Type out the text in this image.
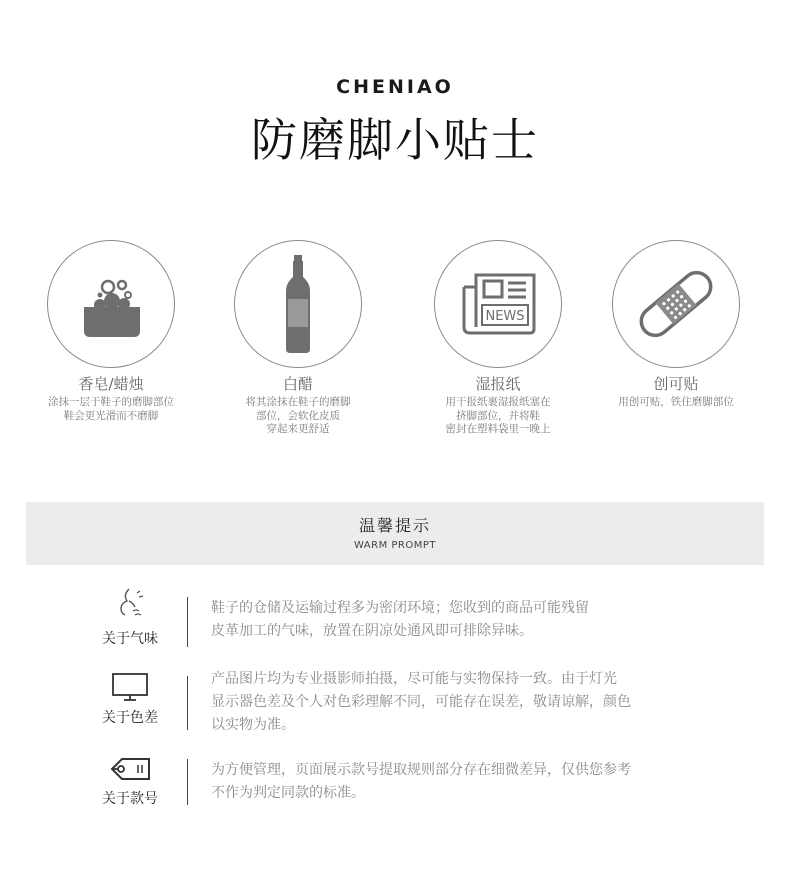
CHENIAO
防磨脚小贴士
香皂/蜡烛
涂抹一层于鞋子的磨脚部位
鞋会更光滑而不磨脚
白醋
将其涂抹在鞋子的磨脚
部位，会软化皮质
穿起来更舒适
NEWS
湿报纸
用干报纸裹湿报纸塞在
挤脚部位，并将鞋
密封在塑料袋里一晚上
创可贴
用创可贴，铁住磨脚部位
温馨提示
WARM PROMPT
关于气味
鞋子的仓储及运输过程多为密闭环境；您收到的商品可能残留
皮革加工的气味，放置在阴凉处通风即可排除异味。
关于色差
产品图片均为专业摄影师拍摄，尽可能与实物保持一致。由于灯光
显示器色差及个人对色彩理解不同，可能存在误差，敬请谅解，颜色
以实物为准。
关于款号
为方便管理，页面展示款号提取规则部分存在细微差异，仅供您参考
不作为判定同款的标准。
